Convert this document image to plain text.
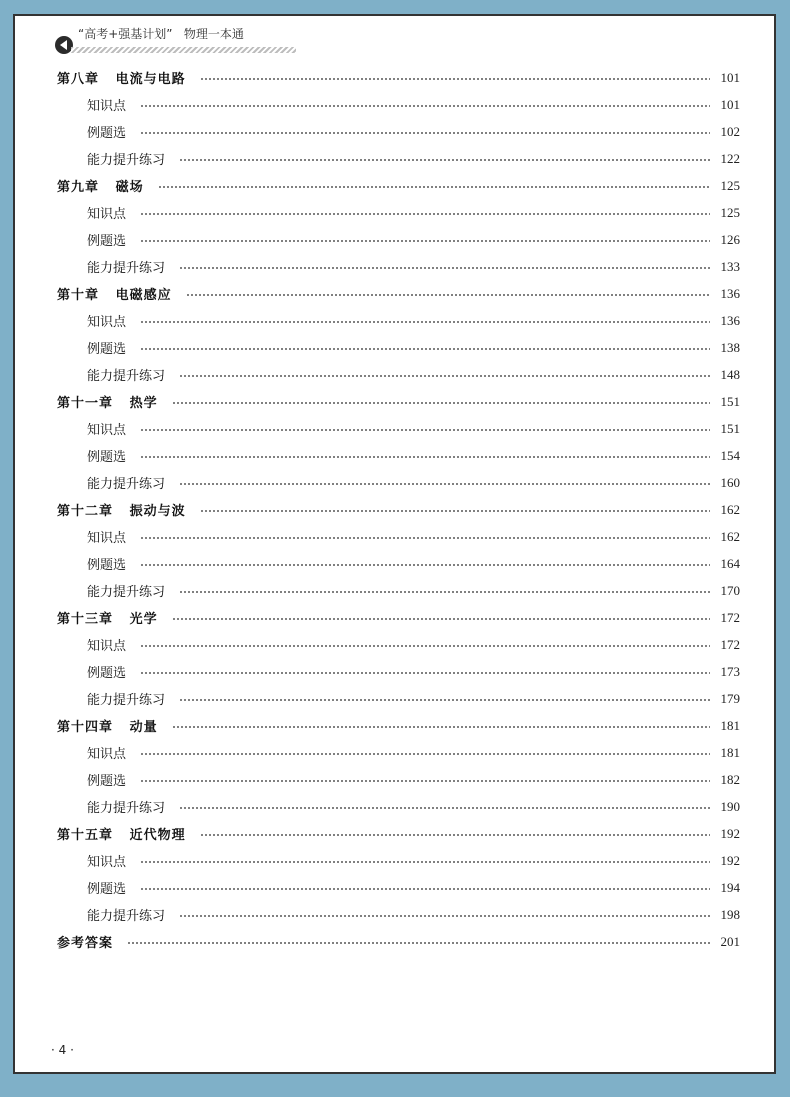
“高考+强基计划”   物理一本通
第八章   电流与电路	101
知识点	101
例题选	102
能力提升练习	122
第九章   磁场	125
知识点	125
例题选	126
能力提升练习	133
第十章   电磁感应	136
知识点	136
例题选	138
能力提升练习	148
第十一章   热学	151
知识点	151
例题选	154
能力提升练习	160
第十二章   振动与波	162
知识点	162
例题选	164
能力提升练习	170
第十三章   光学	172
知识点	172
例题选	173
能力提升练习	179
第十四章   动量	181
知识点	181
例题选	182
能力提升练习	190
第十五章   近代物理	192
知识点	192
例题选	194
能力提升练习	198
参考答案	201
· 4 ·
